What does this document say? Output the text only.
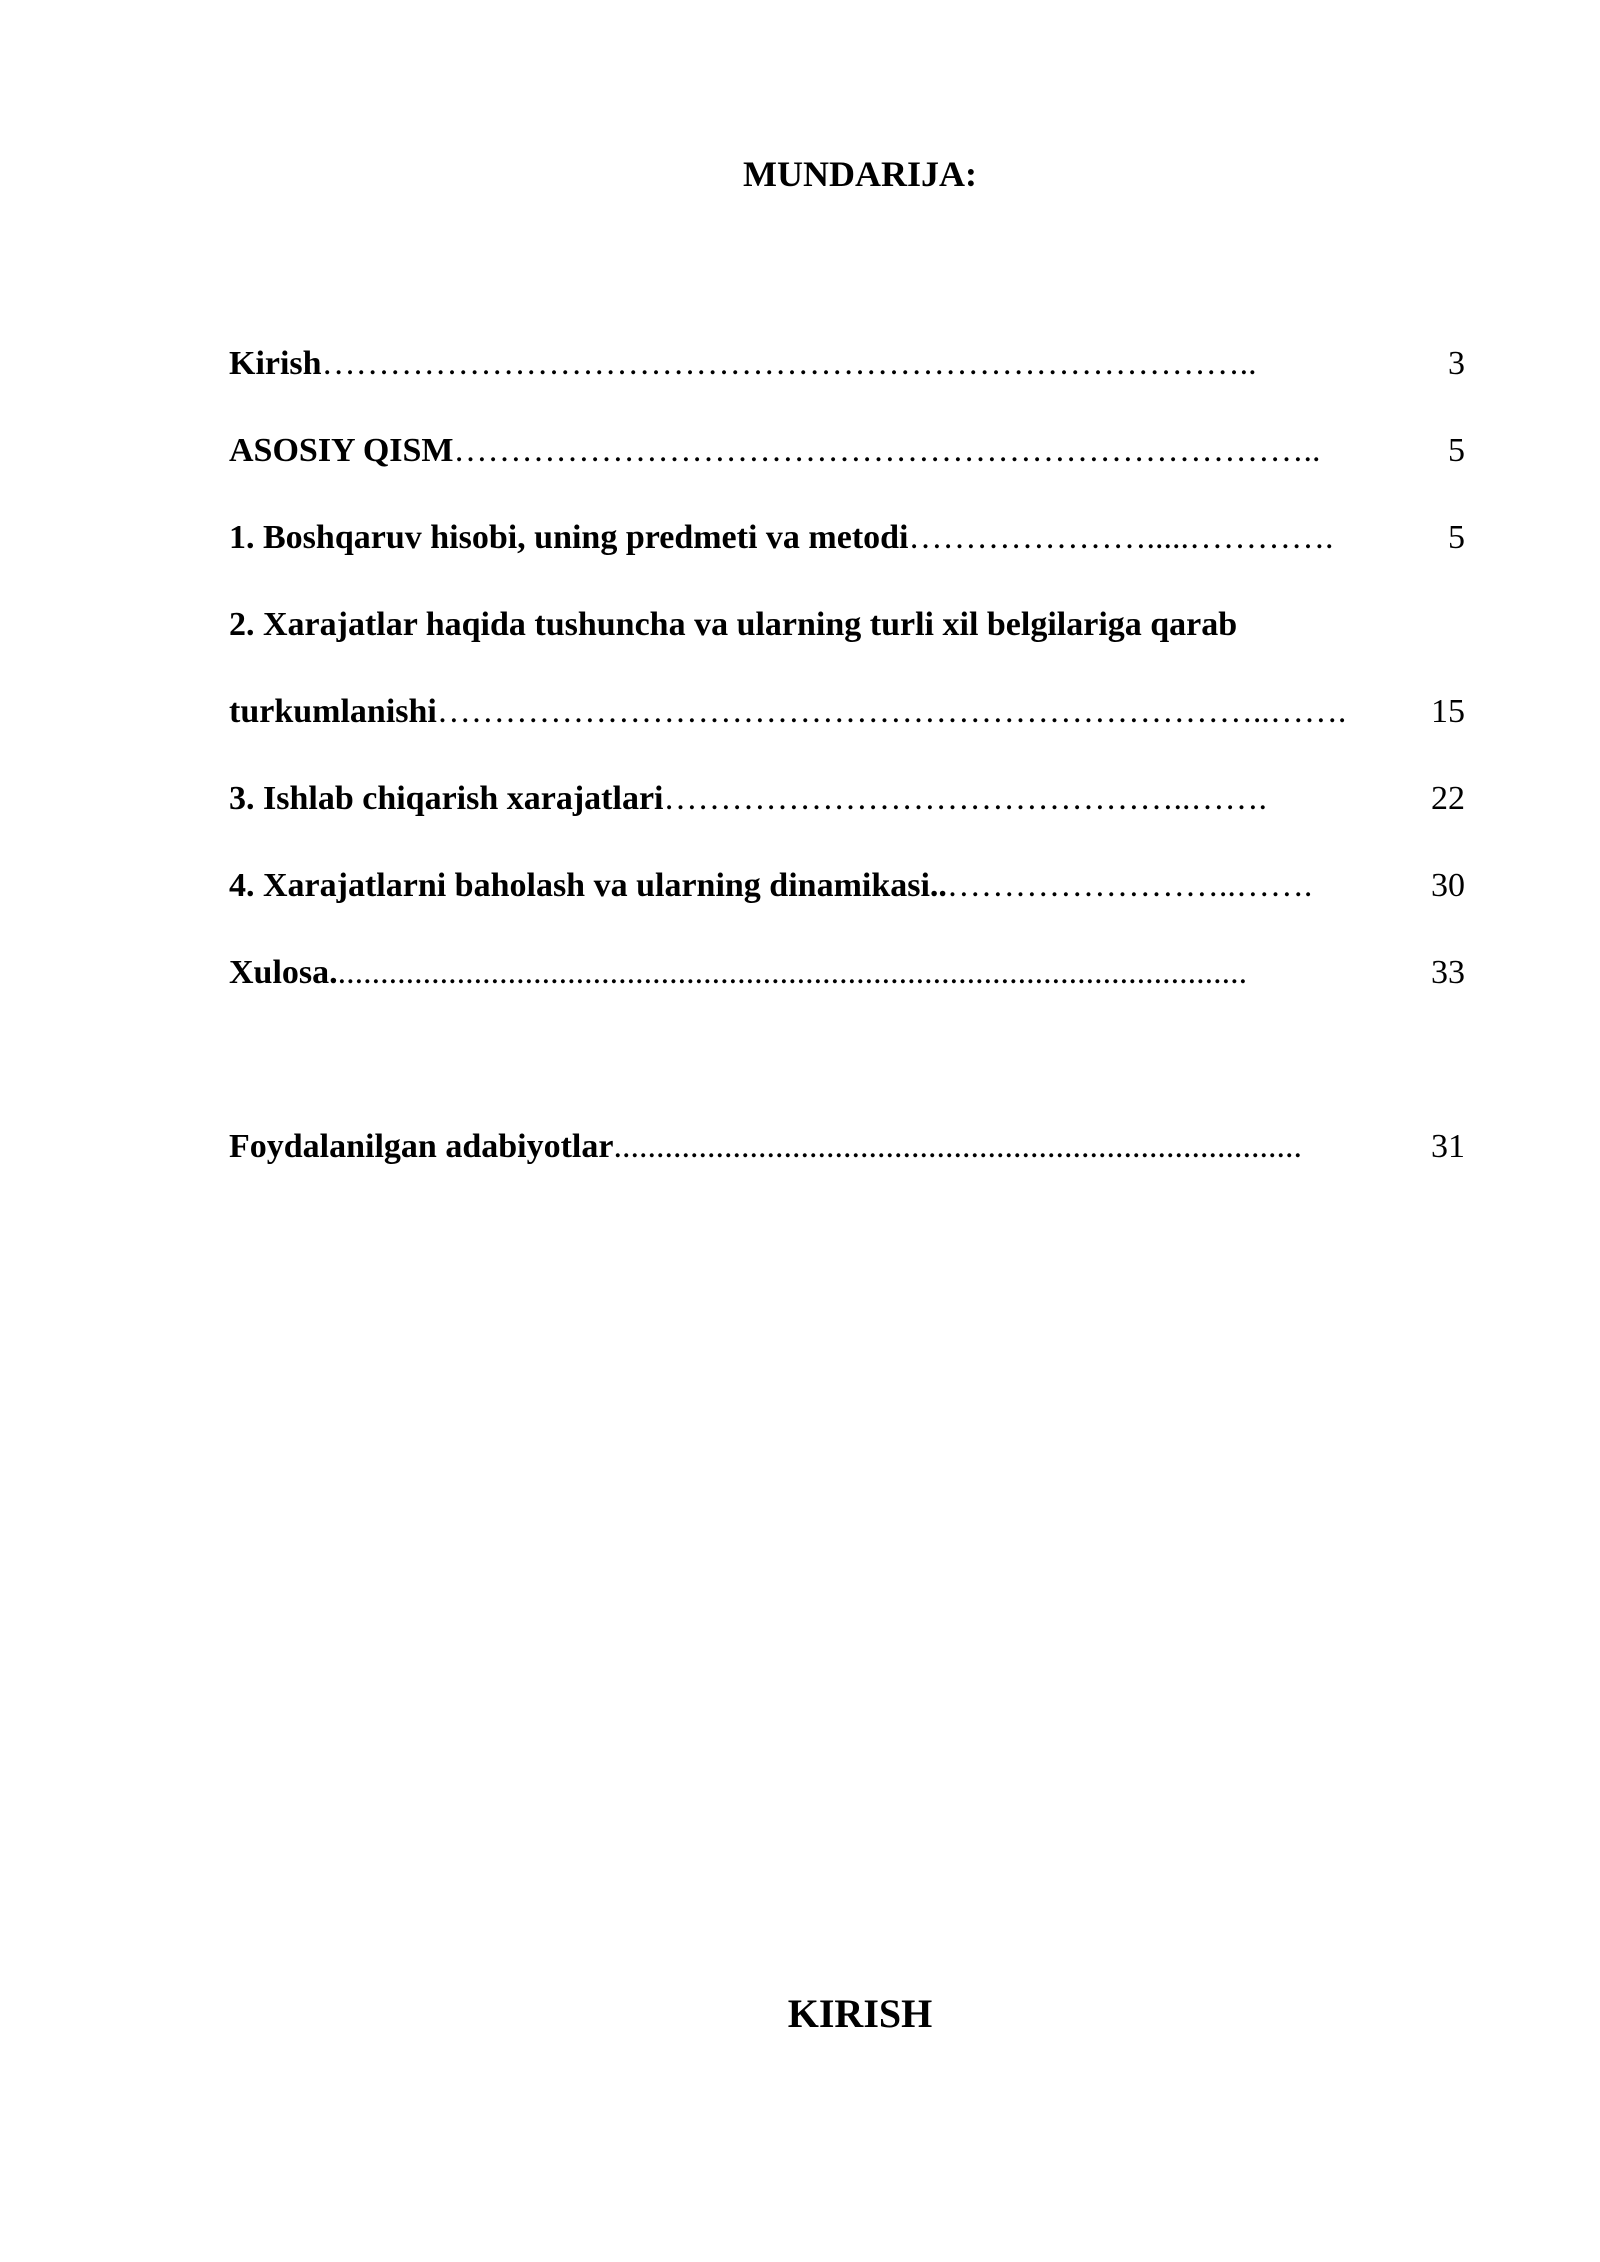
MUNDARIJA:
Kirish ………………………………………………………………………..	3
ASOSIY QISM …………………………………………………………………..	5
1. Boshqaruv hisobi, uning predmeti va metodi ………………….....………….	5
2. Xarajatlar haqida tushuncha va ularning turli xil belgilariga qarab
turkumlanishi ………………………………………………………………..……. 15
3. Ishlab chiqarish xarajatlari ………………………………………..…….	22
4. Xarajatlarni baholash va ularning dinamikasi.. ……………………..…….	30
Xulosa. ...........................................................................................................	33
Foydalanilgan adabiyotlar .................................................................................	31
KIRISH
